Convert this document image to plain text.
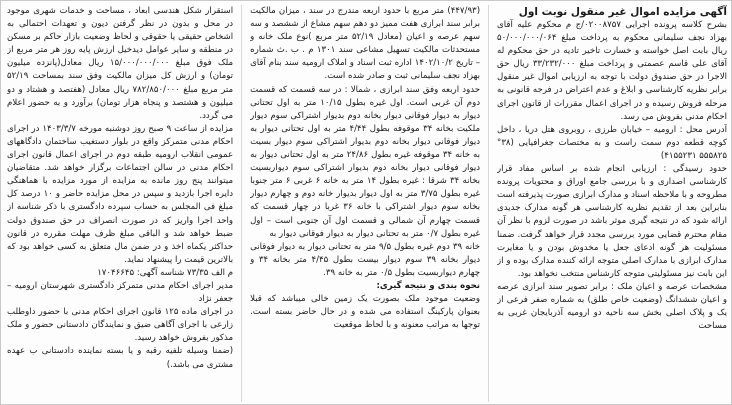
آگهی مزایده اموال غیر منقول نوبت اول

بشرح کلاسه پرونده اجرایی ۰۲۰۰۸۷۵۷/ج م محکوم علیه آقای بهزاد نجف سلیمانی محکوم به پرداخت مبلغ ۵۰/۰۰۰/۰۰۰/۰۶۴ ریال بابت اصل خواسته و خسارت تاخیر تادیه در حق محکوم له آقای علی قاسم عصمتی و پرداخت مبلغ ۳۳/۲۳۲/۰۰۰ ریال حق الاجرا در حق صندوق دولت با توجه به ارزیابی اموال غیر منقول برابر نظریه کارشناسی و ابلاغ و عدم اعتراض در فرجه قانونی به مرحله فروش رسیده و در اجرای اعمال مقررات از قانون اجرای احکام مدنی بفروش می رسد.

آدرس محل : ارومیه – خیابان طرزی ، روبروی هتل دریا ، داخل کوچه قطعه دوم سمت راست و به مختصات جغرافیایی (۳۸° ۵۵۵۸۲۵ ۴۱۵۵۲۳۱)

حدود رسیدگی : ارزیابی انجام شده بر اساس مفاد قرار کارشناسی اصداری و با بررسی جامع اوراق و محتویات پرونده مطروحه و با ملاحظه اسناد و مدارک ابرازی صورت پذیرفته است بنابراین بعد از تقدیم نظریه کارشناسی هر گونه مدارک جدیدی ارائه شود که در نتیجه گیری موثر باشد در صورت لزوم با نظر آن مقام محترم قضایی مورد بررسی مجدد قرار خواهد گرفت. ضمنا مسئولیت هر گونه ادعای جعل یا مخدوش بودن و یا مغایرت مدارک ابرازی با مدارک اصلی متوجه ارائه کننده مدارک بوده و از این بابت نیز مسئولیتی متوجه کارشناس منتخب نخواهد بود.

مشخصات عرصه و اعیان ملک : برابر تصویر سند ابرازی عرصه و اعیان ششدانگ (وضعیت خاص طلق) به شماره صفر فرعی از یک و پلاک اصلی بخش سه ناحیه دو ارومیه آذربایجان غربی به مساحت

(۴۴۷/۹۳) متر مربع با حدود اربعه مندرج در سند ، میزان مالکیت برابر سند ابرازی هفت ممیز دو دهم سهم مشاع از ششصد و سه سهم عرصه و اعیان (معادل ۵۲/۱۹ متر مربع )نوع ملک خانه و مستحدثات مالکیت تسهیل مشاعی سند ۱۳۰۱ م . ب .ث شماره – تاریخ ۱۴۰۲/۱۰/۲ اداره ثبت اسناد و املاک ارومیه سند بنام آقای بهزاد نجف سلیمانی ثبت و صادر شده است.

حدود اربعه وفق سند ابرازی ، شمالا : در سه قسمت که قسمت دوم آن غربی است. اول غیره بطول ۱۰/۱۵ متر به اول تحتانی دیوار به دیوار فوقانی دیوار بخانه دوم بدیوار اشتراکی سوم دیوار ملکیت بخانه ۳۴ موقوفه بطول ۴/۴۴ متر به اول تحتانی دیوار به دیوار فوقانی دیوار بخانه دوم بدیوار اشتراکی سوم دیوار بسیت به خانه ۳۴ موقوفه غیره بطول ۲۴/۸۶ متر به اول تحتانی دیوار به دیوار فوقانی دیوار بخانه دوم بدیوار اشتراکی سوم دیواربسیت بخانه ۳۴ شرقا : غیره بطول ۱۴ متر به خانه ۶ غربی ۶ متر جنوبا غیره بطول ۳/۷۵ متر به اول دیوار بدیوار خانه دوم و چهارم دیوار بخانه سوم دیوار اشتراکی با خانه ۳۶ غربا در چهار قسمت که قسمت چهارم آن شمالی و قسمت اول آن جنوبی است – اول غیره بطول ۰/۷ متر به تحتانی دیوار به دیوار فوقانی دیوار به

خانه ۳۹ دوم غیره بطول ۹/۵ متر به تحتانی دیوار به دیوار فوقانی دیوار بخانه ۳۹ سوم دیوار بیست بطول ۴/۴۵ متر بخانه ۳۴ و چهارم دیواربسیت بطول ۰/۵ متر به خانه ۳۹.

نحوه بندی و نتیجه گیری:

وضعیت موجود ملک بصورت یک زمین خالی میباشد که قبلا بعنوان پارکینگ استفاده می شده و در حال حاضر بسته است. توجها به مراتب معنونه و با لحاظ موقعیت

استقرار شکل هندسی ابعاد ، مساحت و خدمات شهری موجود در محل و بدون در نظر گرفتن دیون و تعهدات احتمالی به اشخاص حقیقی یا حقوقی و لحاظ وضعیت بازار حاکم بر مسکن در منطقه و سایر عوامل دیدخیل ارزش پایه روز هر متر مربع از ملک فوق مبلغ ۱۵/۰۰۰/۰۰۰/۰۰۰ ریال معادل(پانزده میلیون تومان) و ارزش کل میزان مالکیت وفق سند بمساحت ۵۲/۱۹ متر مربع مبلغ ۷۸۲/۸۵۰/۰۰۰ ریال معادل (هفتصد و هشتاد و دو میلیون و هشتصد و پنجاه هزار تومان) برآورد و به حضور اعلام می گردد.

مزایده از ساعت ۹ صبح روز دوشنبه مورخه ۱۴۰۳/۳/۷ در اجرای احکام مدنی متمرکز واقع در بلوار دستغیب ساختمان دادگاههای عمومی انقلاب ارومیه طبقه دوم در اجرای اعمال قانون اجرای احکام مدنی در سالن اجتماعات برگزار خواهد شد. متقاضیان میتوانند پنج روز مانده به مزایده از مورد مزایده با هماهنگی دایره اجرا بازدید و سپس در محل مزایده حاضر و ۱۰ درصد کل مبلغ فی المجلس به حساب سپرده دادگستری با ذکر شناسه از واحد اجرا واریز که در صورت انصراف در حق صندوق دولت ضبط خواهد شد و الباقی مبلغ ظرف مهلت مقرره در قانون حداکثر یکماه اخذ و در ضمن مال متعلق به کسی خواهد بود که بالاترین قیمت را پیشنهاد نماید.

م الف ۷۳/۳۵ شناسه آگهی: ۱۷۰۴۶۶۴۵

مدیر اجرای احکام مدنی متمرکز دادگستری شهرستان ارومیه – جعفر نژاد

در اجرای ماده ۱۲۵ قانون اجرای احکام مدنی با حضور داوطلب زارعی با اجرای آگاهی ضیق و نمایندگان دادستانی حضور و ملک مذکور بفروش خواهد رسید.

(ضمنا وسیله تلفیه رقبه و یا بسته نماینده دادستانی ب عهده مشتری می باشد.)
